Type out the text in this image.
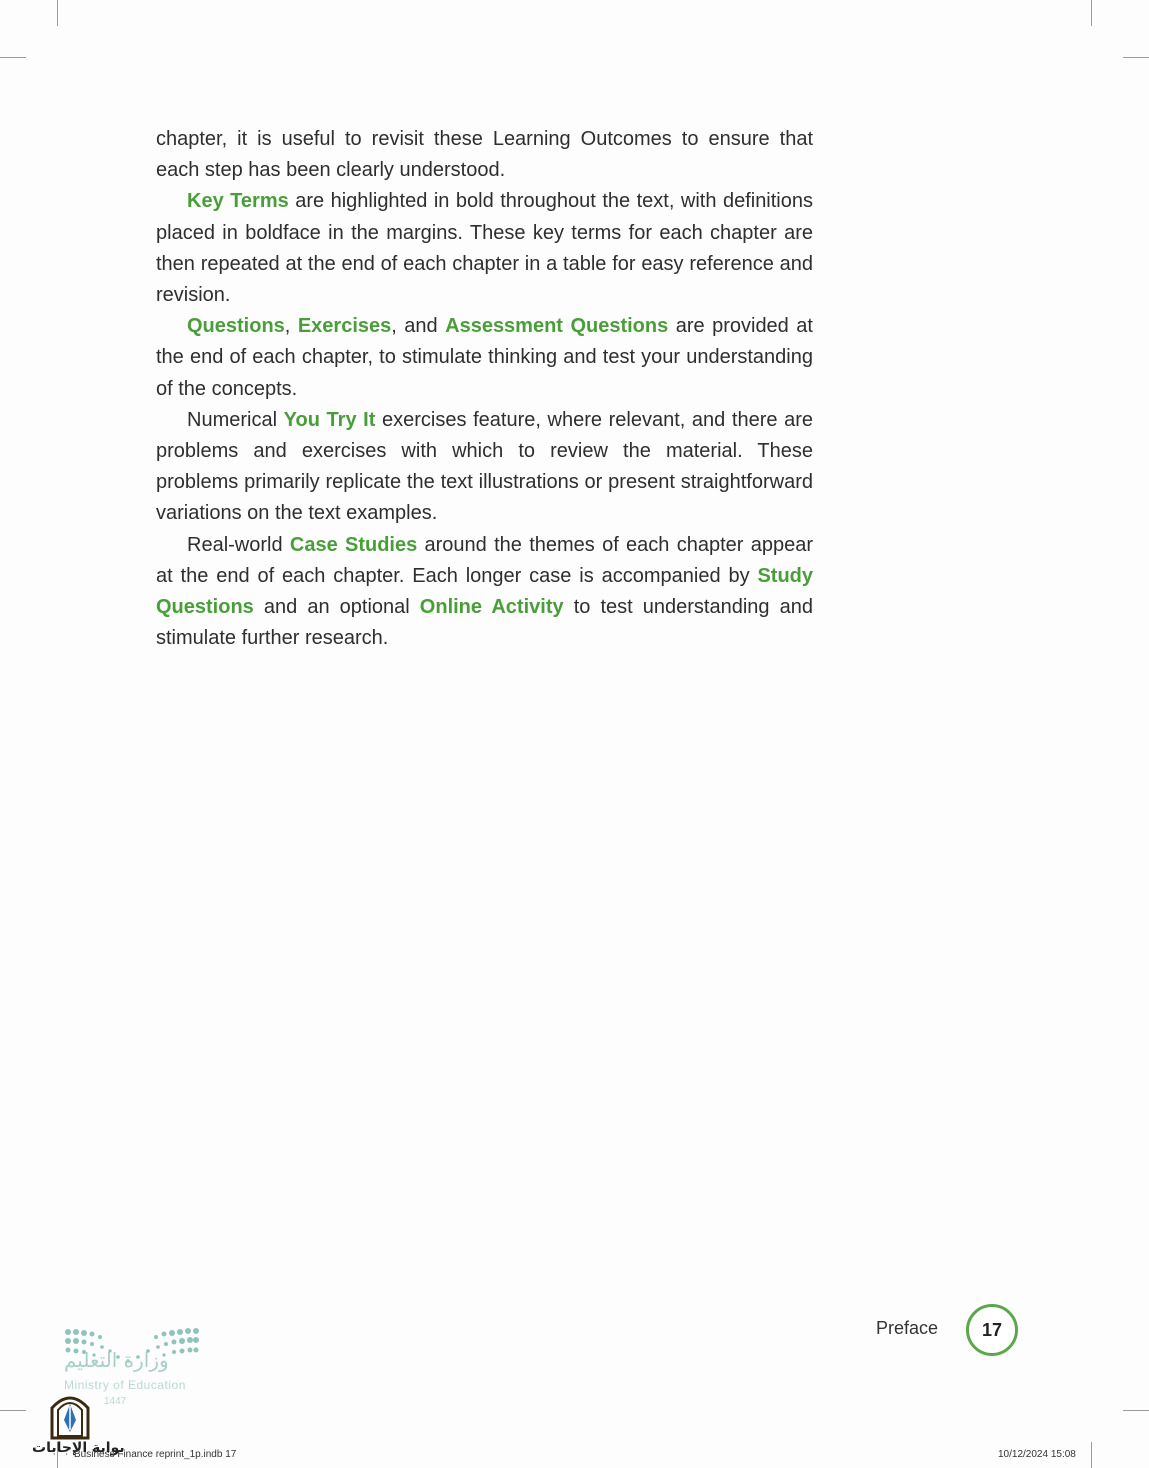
chapter, it is useful to revisit these Learning Outcomes to ensure that each step has been clearly understood.

Key Terms are highlighted in bold throughout the text, with definitions placed in boldface in the margins. These key terms for each chapter are then repeated at the end of each chapter in a table for easy reference and revision.

Questions, Exercises, and Assessment Questions are provided at the end of each chapter, to stimulate thinking and test your understanding of the concepts.

Numerical You Try It exercises feature, where relevant, and there are problems and exercises with which to review the material. These problems primarily replicate the text illustrations or present straightforward variations on the text examples.

Real-world Case Studies around the themes of each chapter appear at the end of each chapter. Each longer case is accompanied by Study Questions and an optional Online Activity to test understanding and stimulate further research.

وزارة التعليم
Ministry of Education
1447
بوابة الإجابات
Preface	17
Business Finance reprint_1p.indb 17	10/12/2024 15:08
